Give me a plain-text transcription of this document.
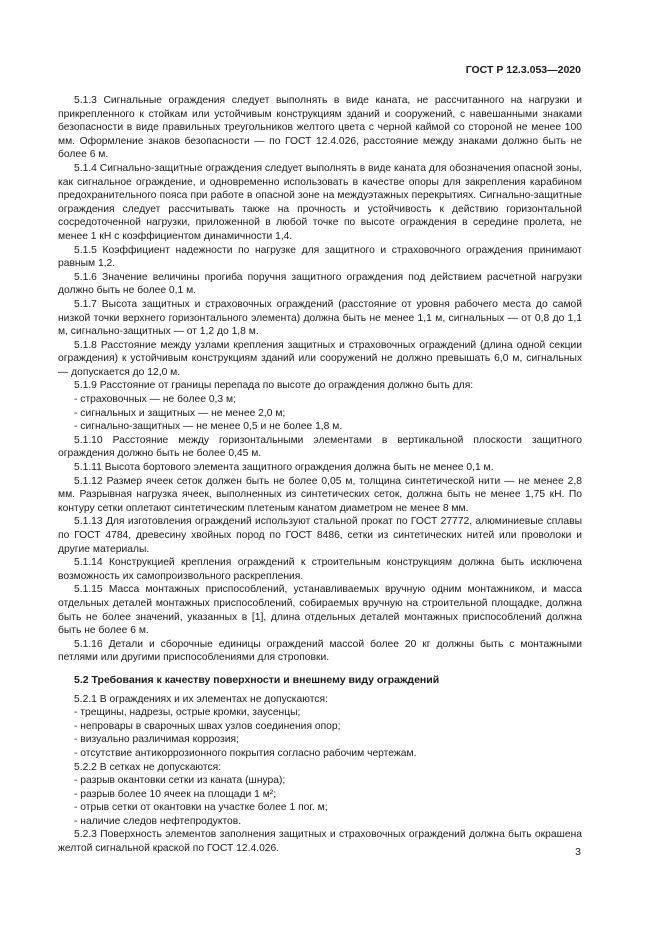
ГОСТ Р 12.3.053—2020

5.1.3 Сигнальные ограждения следует выполнять в виде каната, не рассчитанного на нагрузки и прикрепленного к стойкам или устойчивым конструкциям зданий и сооружений, с навешанными знаками безопасности в виде правильных треугольников желтого цвета с черной каймой со стороной не менее 100 мм. Оформление знаков безопасности — по ГОСТ 12.4.026, расстояние между знаками должно быть не более 6 м.

5.1.4 Сигнально-защитные ограждения следует выполнять в виде каната для обозначения опасной зоны, как сигнальное ограждение, и одновременно использовать в качестве опоры для закрепления карабином предохранительного пояса при работе в опасной зоне на междуэтажных перекрытиях. Сигнально-защитные ограждения следует рассчитывать также на прочность и устойчивость к действию горизонтальной сосредоточенной нагрузки, приложенной в любой точке по высоте ограждения в середине пролета, не менее 1 кН с коэффициентом динамичности 1,4.

5.1.5 Коэффициент надежности по нагрузке для защитного и страховочного ограждения принимают равным 1,2.

5.1.6 Значение величины прогиба поручня защитного ограждения под действием расчетной нагрузки должно быть не более 0,1 м.

5.1.7 Высота защитных и страховочных ограждений (расстояние от уровня рабочего места до самой низкой точки верхнего горизонтального элемента) должна быть не менее 1,1 м, сигнальных — от 0,8 до 1,1 м, сигнально-защитных — от 1,2 до 1,8 м.

5.1.8 Расстояние между узлами крепления защитных и страховочных ограждений (длина одной секции ограждения) к устойчивым конструкциям зданий или сооружений не должно превышать 6,0 м, сигнальных — допускается до 12,0 м.

5.1.9 Расстояние от границы перепада по высоте до ограждения должно быть для:

- страховочных — не более 0,3 м;

- сигнальных и защитных — не менее 2,0 м;

- сигнально-защитных — не менее 0,5 и не более 1,8 м.

5.1.10 Расстояние между горизонтальными элементами в вертикальной плоскости защитного ограждения должно быть не более 0,45 м.

5.1.11 Высота бортового элемента защитного ограждения должна быть не менее 0,1 м.

5.1.12 Размер ячеек сеток должен быть не более 0,05 м, толщина синтетической нити — не менее 2,8 мм. Разрывная нагрузка ячеек, выполненных из синтетических сеток, должна быть не менее 1,75 кН. По контуру сетки оплетают синтетическим плетеным канатом диаметром не менее 8 мм.

5.1.13 Для изготовления ограждений используют стальной прокат по ГОСТ 27772, алюминиевые сплавы по ГОСТ 4784, древесину хвойных пород по ГОСТ 8486, сетки из синтетических нитей или проволоки и другие материалы.

5.1.14 Конструкцией крепления ограждений к строительным конструкциям должна быть исключена возможность их самопроизвольного раскрепления.

5.1.15 Масса монтажных приспособлений, устанавливаемых вручную одним монтажником, и масса отдельных деталей монтажных приспособлений, собираемых вручную на строительной площадке, должна быть не более значений, указанных в [1], длина отдельных деталей монтажных приспособлений должна быть не более 6 м.

5.1.16 Детали и сборочные единицы ограждений массой более 20 кг должны быть с монтажными петлями или другими приспособлениями для строповки.

5.2 Требования к качеству поверхности и внешнему виду ограждений

5.2.1 В ограждениях и их элементах не допускаются:

- трещины, надрезы, острые кромки, заусенцы;

- непровары в сварочных швах узлов соединения опор;

- визуально различимая коррозия;

- отсутствие антикоррозионного покрытия согласно рабочим чертежам.

5.2.2 В сетках не допускаются:

- разрыв окантовки сетки из каната (шнура);

- разрыв более 10 ячеек на площади 1 м²;

- отрыв сетки от окантовки на участке более 1 пог. м;

- наличие следов нефтепродуктов.

5.2.3 Поверхность элементов заполнения защитных и страховочных ограждений должна быть окрашена желтой сигнальной краской по ГОСТ 12.4.026.	3
